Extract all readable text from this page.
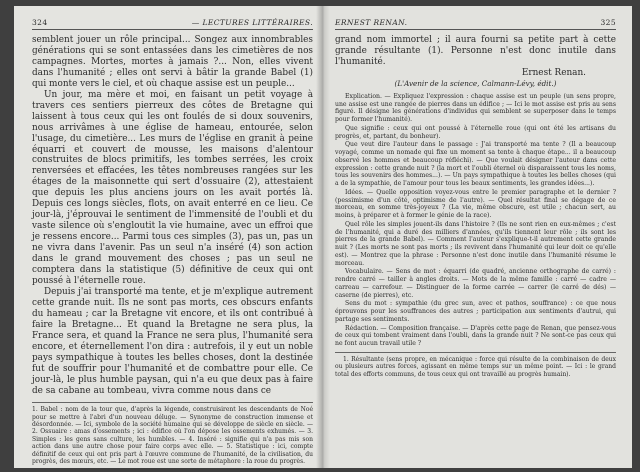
324	— LECTURES LITTÉRAIRES.

semblent jouer un rôle principal... Songez aux innombrables générations qui se sont entassées dans les cimetières de nos campagnes. Mortes, mortes à jamais ?... Non, elles vivent dans l'humanité ; elles ont servi à bâtir la grande Babel (1) qui monte vers le ciel, et où chaque assise est un peuple...

Un jour, ma mère et moi, en faisant un petit voyage à travers ces sentiers pierreux des côtes de Bretagne qui laissent à tous ceux qui les ont foulés de si doux souvenirs, nous arrivâmes à une église de hameau, entourée, selon l'usage, du cimetière... Les murs de l'église en granit à peine équarri et couvert de mousse, les maisons d'alentour construites de blocs primitifs, les tombes serrées, les croix renversées et effacées, les têtes nombreuses rangées sur les étages de la maisonnette qui sert d'ossuaire (2), attestaient que depuis les plus anciens jours on les avait portés là. Depuis ces longs siècles, flots, on avait enterré en ce lieu. Ce jour-là, j'éprouvai le sentiment de l'immensité de l'oubli et du vaste silence où s'engloutit la vie humaine, avec un effroi que je ressens encore... Parmi tous ces simples (3), pas un, pas un ne vivra dans l'avenir. Pas un seul n'a inséré (4) son action dans le grand mouvement des choses ; pas un seul ne comptera dans la statistique (5) définitive de ceux qui ont poussé à l'éternelle roue.

Depuis j'ai transporté ma tente, et je m'explique autrement cette grande nuit. Ils ne sont pas morts, ces obscurs enfants du hameau ; car la Bretagne vit encore, et ils ont contribué à faire la Bretagne... Et quand la Bretagne ne sera plus, la France sera, et quand la France ne sera plus, l'humanité sera encore, et éternellement l'on dira : autrefois, il y eut un noble pays sympathique à toutes les belles choses, dont la destinée fut de souffrir pour l'humanité et de combattre pour elle. Ce jour-là, le plus humble paysan, qui n'a eu que deux pas à faire de sa cabane au tombeau, vivra comme nous dans ce

1. Babel : nom de la tour que, d'après la légende, construisirent les descendants de Noé pour se mettre à l'abri d'un nouveau déluge. — Synonyme de construction immense et désordonnée. — Ici, symbole de la société humaine qui se développe de siècle en siècle. — 2. Ossuaire : amas d'ossements ; ici : édifice où l'on dépose les ossements exhumés. — 3. Simples : les gens sans culture, les humbles. — 4. Inséré : signifie qui n'a pas mis son action dans une autre chose pour faire corps avec elle. — 5. Statistique : ici, compte définitif de ceux qui ont pris part à l'œuvre commune de l'humanité, de la civilisation, du progrès, des mœurs, etc. — Le mot roue est une sorte de métaphore : la roue du progrès.

ERNEST RENAN.	325

grand nom immortel ; il aura fourni sa petite part à cette grande résultante (1). Personne n'est donc inutile dans l'humanité.

Ernest Renan.
(L'Avenir de la science, Calmann-Lévy, édit.)

Explication. — Expliquez l'expression : chaque assise est un peuple (un sens propre, une assise est une rangée de pierres dans un édifice ; — Ici le mot assise est pris au sens figuré. Il désigne les générations d'individus qui semblent se superposer dans le temps pour former l'humanité).

Que signifie : ceux qui ont poussé à l'éternelle roue (qui ont été les artisans du progrès, et, partant, du bonheur).

Que veut dire l'auteur dans le passage : J'ai transporté ma tente ? (Il a beaucoup voyagé, comme un nomade qui fixe un moment sa tente à chaque étape... il a beaucoup observé les hommes et beaucoup réfléchi). — Que voulait désigner l'auteur dans cette expression : cette grande nuit ? (la mort et l'oubli éternel où disparaissent tous les noms, tous les souvenirs des hommes...). — Un pays sympathique à toutes les belles choses (qui a de la sympathie, de l'amour pour tous les beaux sentiments, les grandes idées...).

Idées. — Quelle opposition voyez-vous entre le premier paragraphe et le dernier ? (pessimisme d'un côté, optimisme de l'autre). — Quel résultat final se dégage de ce morceau, en somme très-joyeux ? (La vie, même obscure, est utile ; chacun sert, au moins, à préparer et à former le génie de la race).

Quel rôle les simples jouent-ils dans l'histoire ? (Ils ne sont rien en eux-mêmes ; c'est de l'humanité, qui a duré des milliers d'années, qu'ils tiennent leur rôle ; ils sont les pierres de la grande Babel). — Comment l'auteur s'explique-t-il autrement cette grande nuit ? (Les morts ne sont pas morts ; ils revivent dans l'humanité qui leur doit ce qu'elle est). — Montrez que la phrase : Personne n'est donc inutile dans l'humanité résume le morceau.

Vocabulaire. — Sens de mot : équarri (de quadré, ancienne orthographe de carré) : rendre carré — tailler à angles droits. — Mots de la même famille : carré — cadre — carreau — carrefour. — Distinguer de la forme carrée — carrer (le carré de dés) — caserne (de pierres), etc.

Sens du mot : sympathie (du grec sun, avec et pathos, souffrance) : ce que nous éprouvons pour les souffrances des autres ; participation aux sentiments d'autrui, qui partage ses sentiments.

Rédaction. — Composition française. — D'après cette page de Renan, que pensez-vous de ceux qui tombent vraiment dans l'oubli, dans la grande nuit ? Ne sont-ce pas ceux qui ne font aucun travail utile ?

1. Résultante (sens propre, en mécanique : force qui résulte de la combinaison de deux ou plusieurs autres forces, agissant en même temps sur un même point. — Ici : le grand total des efforts communs, de tous ceux qui ont travaillé au progrès humain).
